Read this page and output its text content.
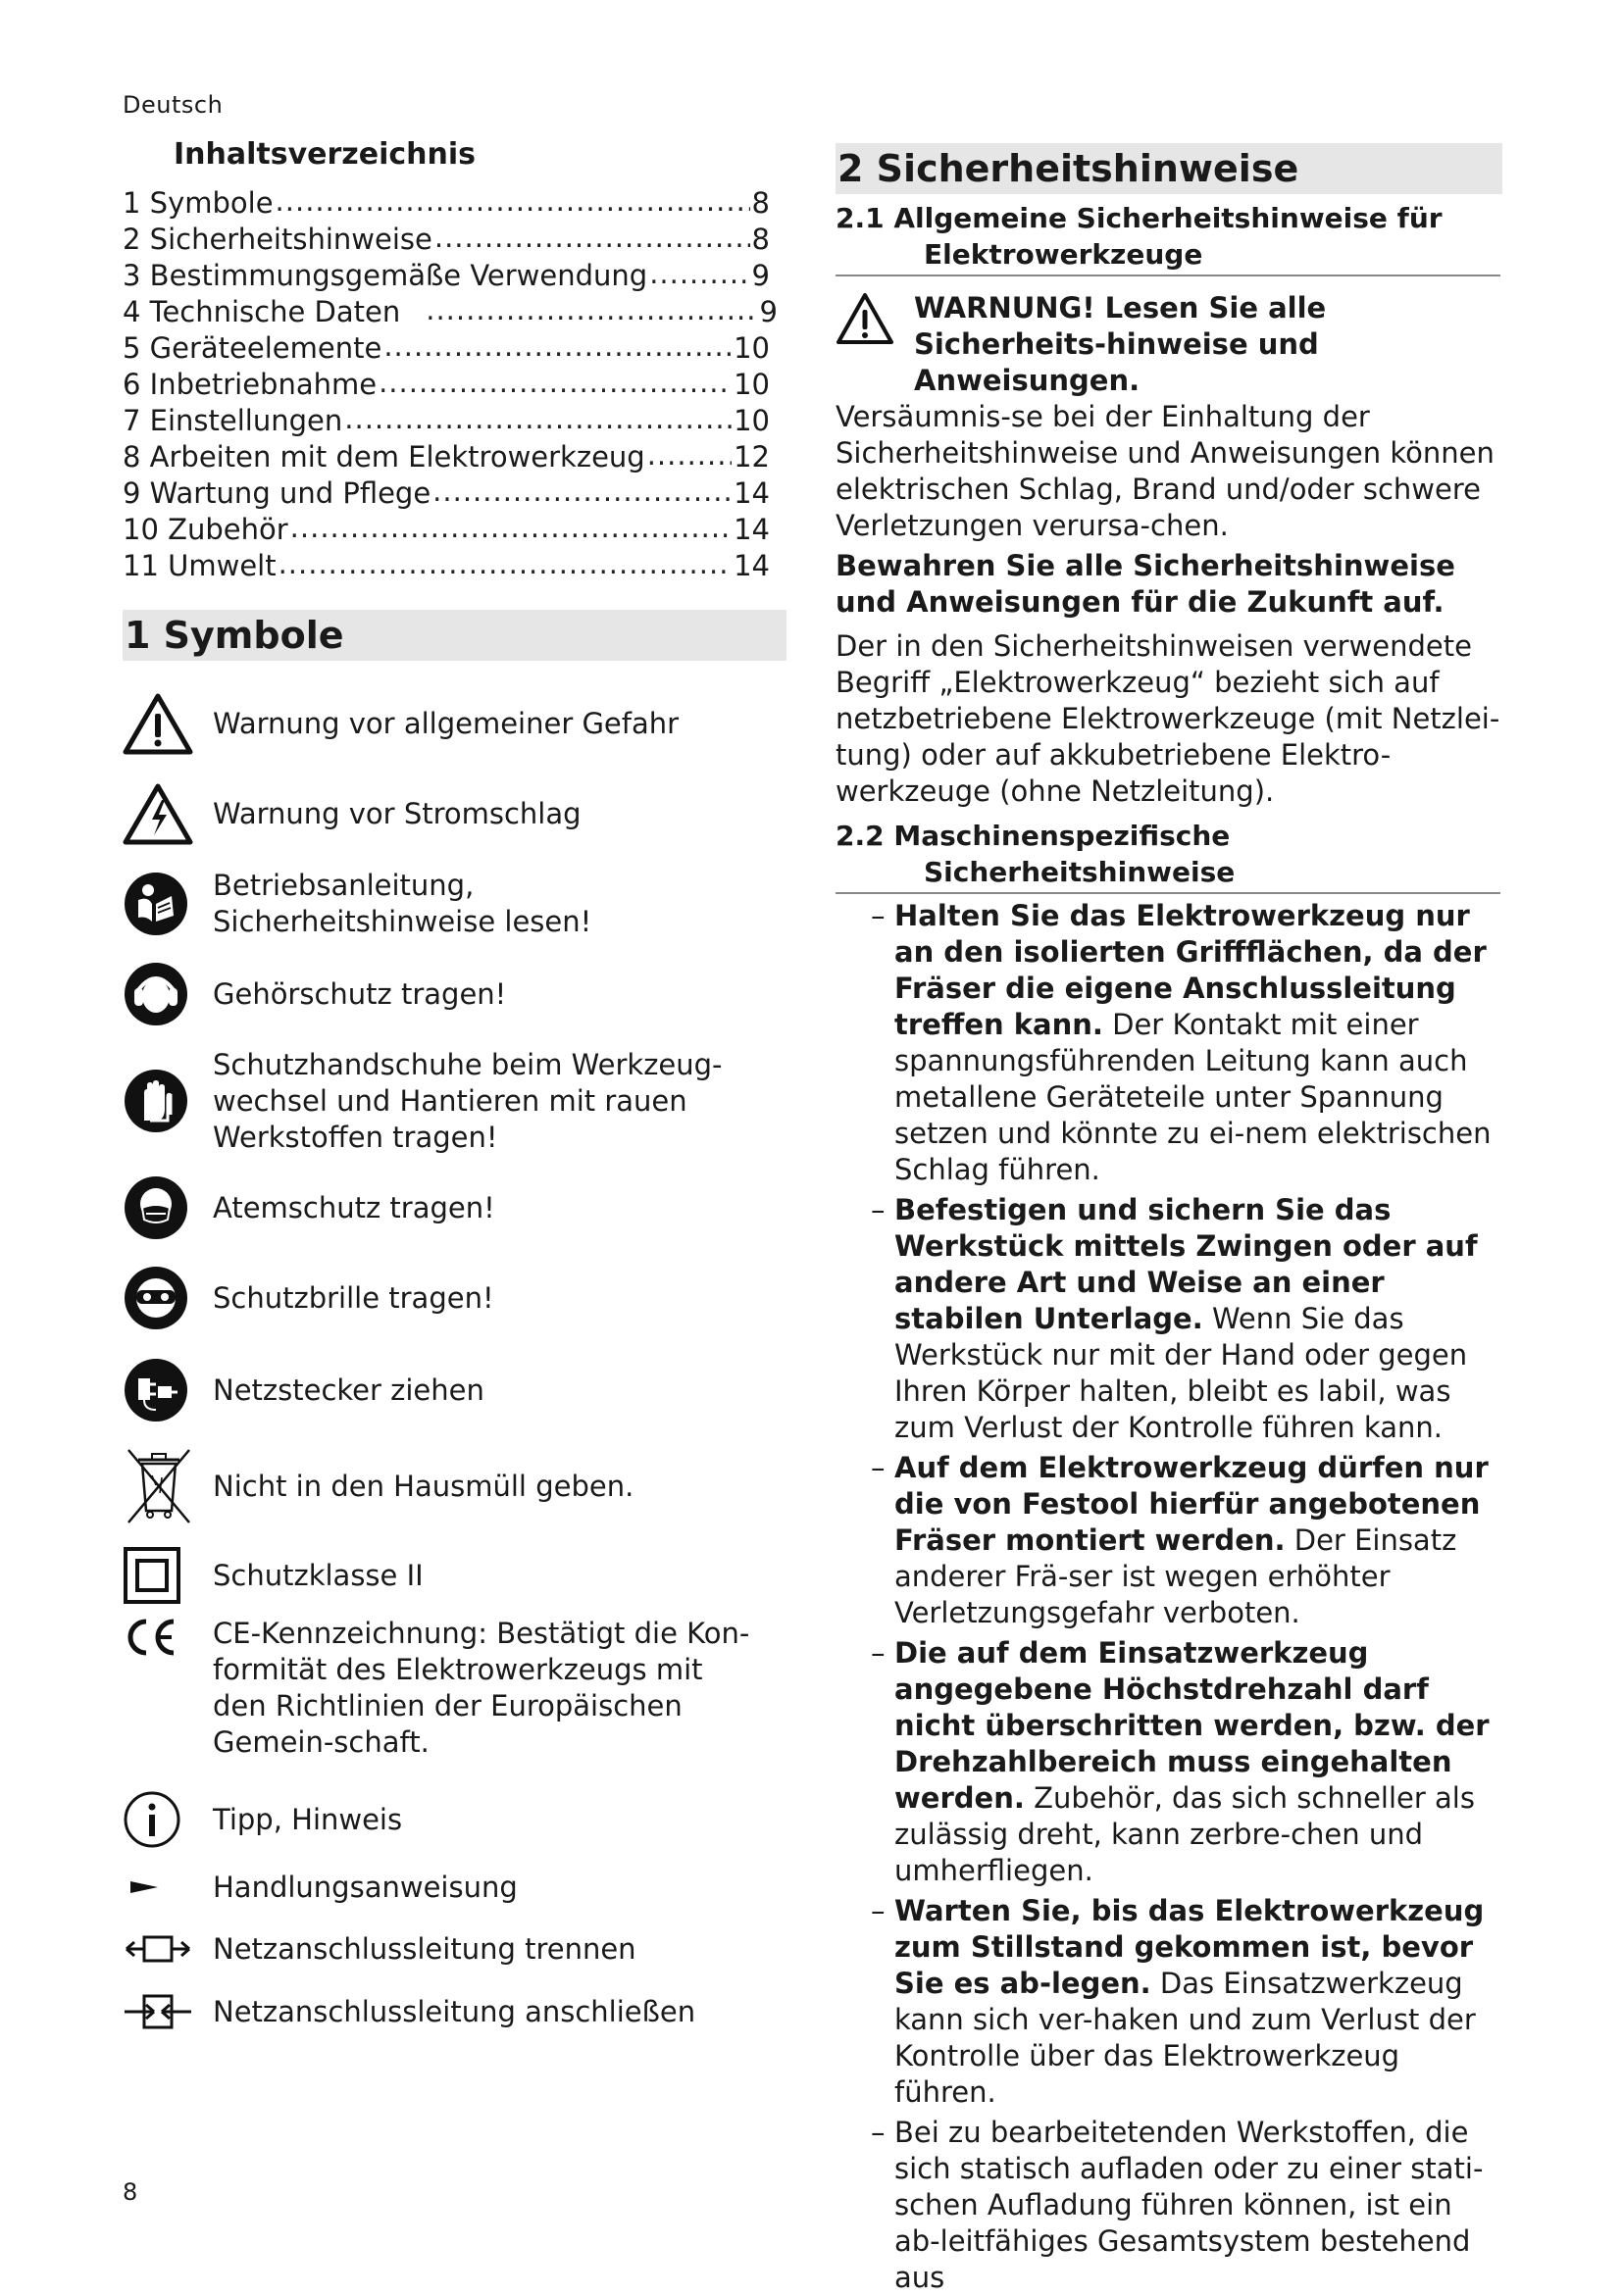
Deutsch
Inhaltsverzeichnis
1 Symbole .....	8
2 Sicherheitshinweise .....	8
3 Bestimmungsgemäße Verwendung .....	9
4 Technische Daten .....	9
5 Geräteelemente .....	10
6 Inbetriebnahme .....	10
7 Einstellungen .....	10
8 Arbeiten mit dem Elektrowerkzeug .....	12
9 Wartung und Pflege .....	14
10 Zubehör .....	14
11 Umwelt .....	14
1 Symbole
Warnung vor allgemeiner Gefahr
Warnung vor Stromschlag
Betriebsanleitung, Sicherheitshinweise lesen!
Gehörschutz tragen!
Schutzhandschuhe beim Werkzeug-wechsel und Hantieren mit rauen Werkstoffen tragen!
Atemschutz tragen!
Schutzbrille tragen!
Netzstecker ziehen
Nicht in den Hausmüll geben.
Schutzklasse II
CE-Kennzeichnung: Bestätigt die Kon-formität des Elektrowerkzeugs mit den Richtlinien der Europäischen Gemein-schaft.
Tipp, Hinweis
Handlungsanweisung
Netzanschlussleitung trennen
Netzanschlussleitung anschließen
2 Sicherheitshinweise
2.1 Allgemeine Sicherheitshinweise für
Elektrowerkzeuge
WARNUNG! Lesen Sie alle Sicherheits-hinweise und Anweisungen.
Versäumnis-se bei der Einhaltung der Sicherheitshinweise und Anweisungen können elektrischen Schlag, Brand und/oder schwere Verletzungen verursa-chen.
Bewahren Sie alle Sicherheitshinweise und Anweisungen für die Zukunft auf.
Der in den Sicherheitshinweisen verwendete Begriff „Elektrowerkzeug“ bezieht sich auf netzbetriebene Elektrowerkzeuge (mit Netzlei-tung) oder auf akkubetriebene Elektro-werkzeuge (ohne Netzleitung).
2.2 Maschinenspezifische
Sicherheitshinweise
– Halten Sie das Elektrowerkzeug nur an den isolierten Griffflächen, da der Fräser die eigene Anschlussleitung treffen kann. Der Kontakt mit einer spannungsführenden Leitung kann auch metallene Geräteteile unter Spannung setzen und könnte zu ei-nem elektrischen Schlag führen.
– Befestigen und sichern Sie das Werkstück mittels Zwingen oder auf andere Art und Weise an einer stabilen Unterlage. Wenn Sie das Werkstück nur mit der Hand oder gegen Ihren Körper halten, bleibt es labil, was zum Verlust der Kontrolle führen kann.
– Auf dem Elektrowerkzeug dürfen nur die von Festool hierfür angebotenen Fräser montiert werden. Der Einsatz anderer Frä-ser ist wegen erhöhter Verletzungsgefahr verboten.
– Die auf dem Einsatzwerkzeug angegebene Höchstdrehzahl darf nicht überschritten werden, bzw. der Drehzahlbereich muss eingehalten werden. Zubehör, das sich schneller als zulässig dreht, kann zerbre-chen und umherfliegen.
– Warten Sie, bis das Elektrowerkzeug zum Stillstand gekommen ist, bevor Sie es ab-legen. Das Einsatzwerkzeug kann sich ver-haken und zum Verlust der Kontrolle über das Elektrowerkzeug führen.
– Bei zu bearbeitetenden Werkstoffen, die sich statisch aufladen oder zu einer stati-schen Aufladung führen können, ist ein ab-leitfähiges Gesamtsystem bestehend aus
8
